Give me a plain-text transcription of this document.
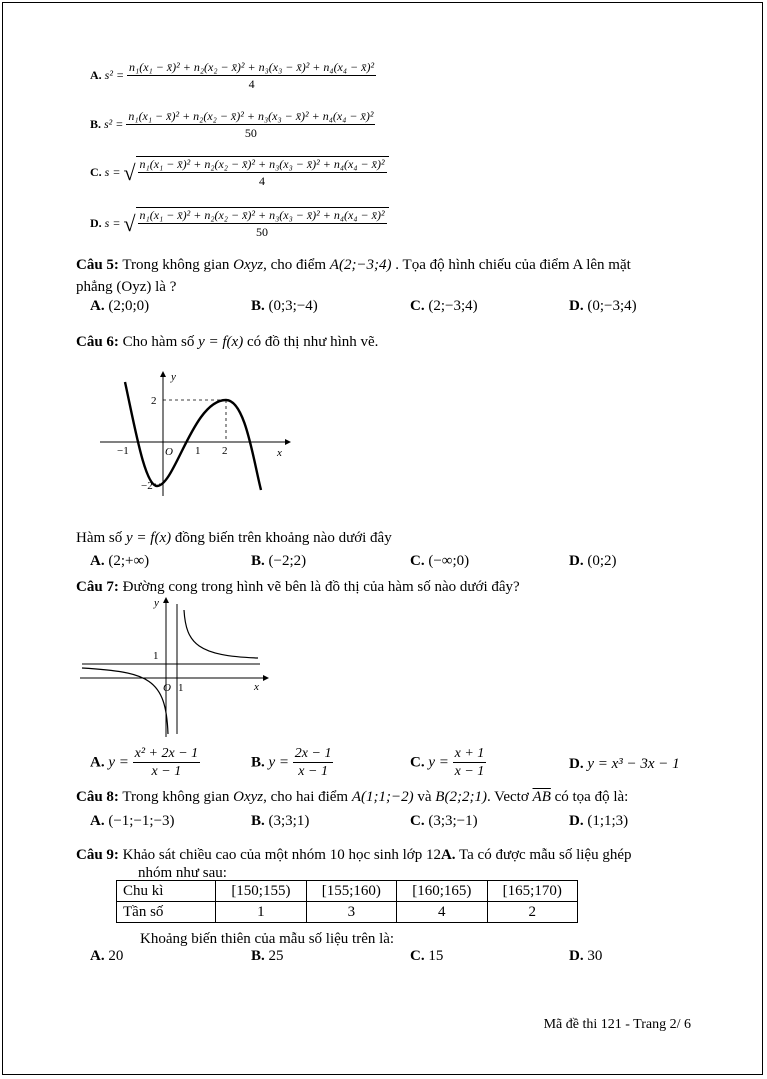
A. $s^2 = \frac{\text{n₁(x₁ − x̄)² + n₂(x₂ − x̄)² + n₃(x₃ − x̄)² + n₄(x₄ − x̄)²}}{4}$
B. $s^2 = \frac{\text{n₁(x₁ − x̄)² + n₂(x₂ − x̄)² + n₃(x₃ − x̄)² + n₄(x₄ − x̄)²}}{50}$
C. s = √ $\frac{\text{n₁(x₁ − x̄)² + n₂(x₂ − x̄)² + n₃(x₃ − x̄)² + n₄(x₄ − x̄)²}}{4}$
D. s = √ $\frac{\text{n₁(x₁ − x̄)² + n₂(x₂ − x̄)² + n₃(x₃ − x̄)² + n₄(x₄ − x̄)²}}{50}$
Câu 5: Trong không gian Oxyz, cho điểm A(2;−3;4) . Tọa độ hình chiếu của điểm A lên mặt
phẳng (Oyz) là ?
A. (2;0;0)	B. (0;3;−4)	C. (2;−3;4)	D. (0;−3;4)
Câu 6: Cho hàm số y = f(x) có đồ thị như hình vẽ.
y
x
O
−1	1 2
2
−2
Hàm số y = f(x) đồng biến trên khoảng nào dưới đây
A. (2;+∞)	B. (−2;2)	C. (−∞;0)	D. (0;2)
Câu 7: Đường cong trong hình vẽ bên là đồ thị của hàm số nào dưới đây?
y
x
O 1
1
A. $y = \frac{\text{x² + 2x − 1}}{x - 1}$	B. $y = \frac{2x - 1}{x - 1}$	C. $y = \frac{x + 1}{x - 1}$	D. y = x³ − 3x − 1
Câu 8: Trong không gian Oxyz, cho hai điểm A(1;1;−2) và B(2;2;1). Vectơ $\overline{AB}$ có tọa độ là:
A. (−1;−1;−3)	B. (3;3;1)	C. (3;3;−1)	D. (1;1;3)
Câu 9: Khảo sát chiều cao của một nhóm 10 học sinh lớp 12A. Ta có được mẫu số liệu ghép
nhóm như sau:
Chu kì	[150;155)	[155;160)	[160;165)	[165;170)
Tần số	1	3	4	2
Khoảng biến thiên của mẫu số liệu trên là:
A. 20	B. 25	C. 15	D. 30
Mã đề thi 121 - Trang 2/ 6
